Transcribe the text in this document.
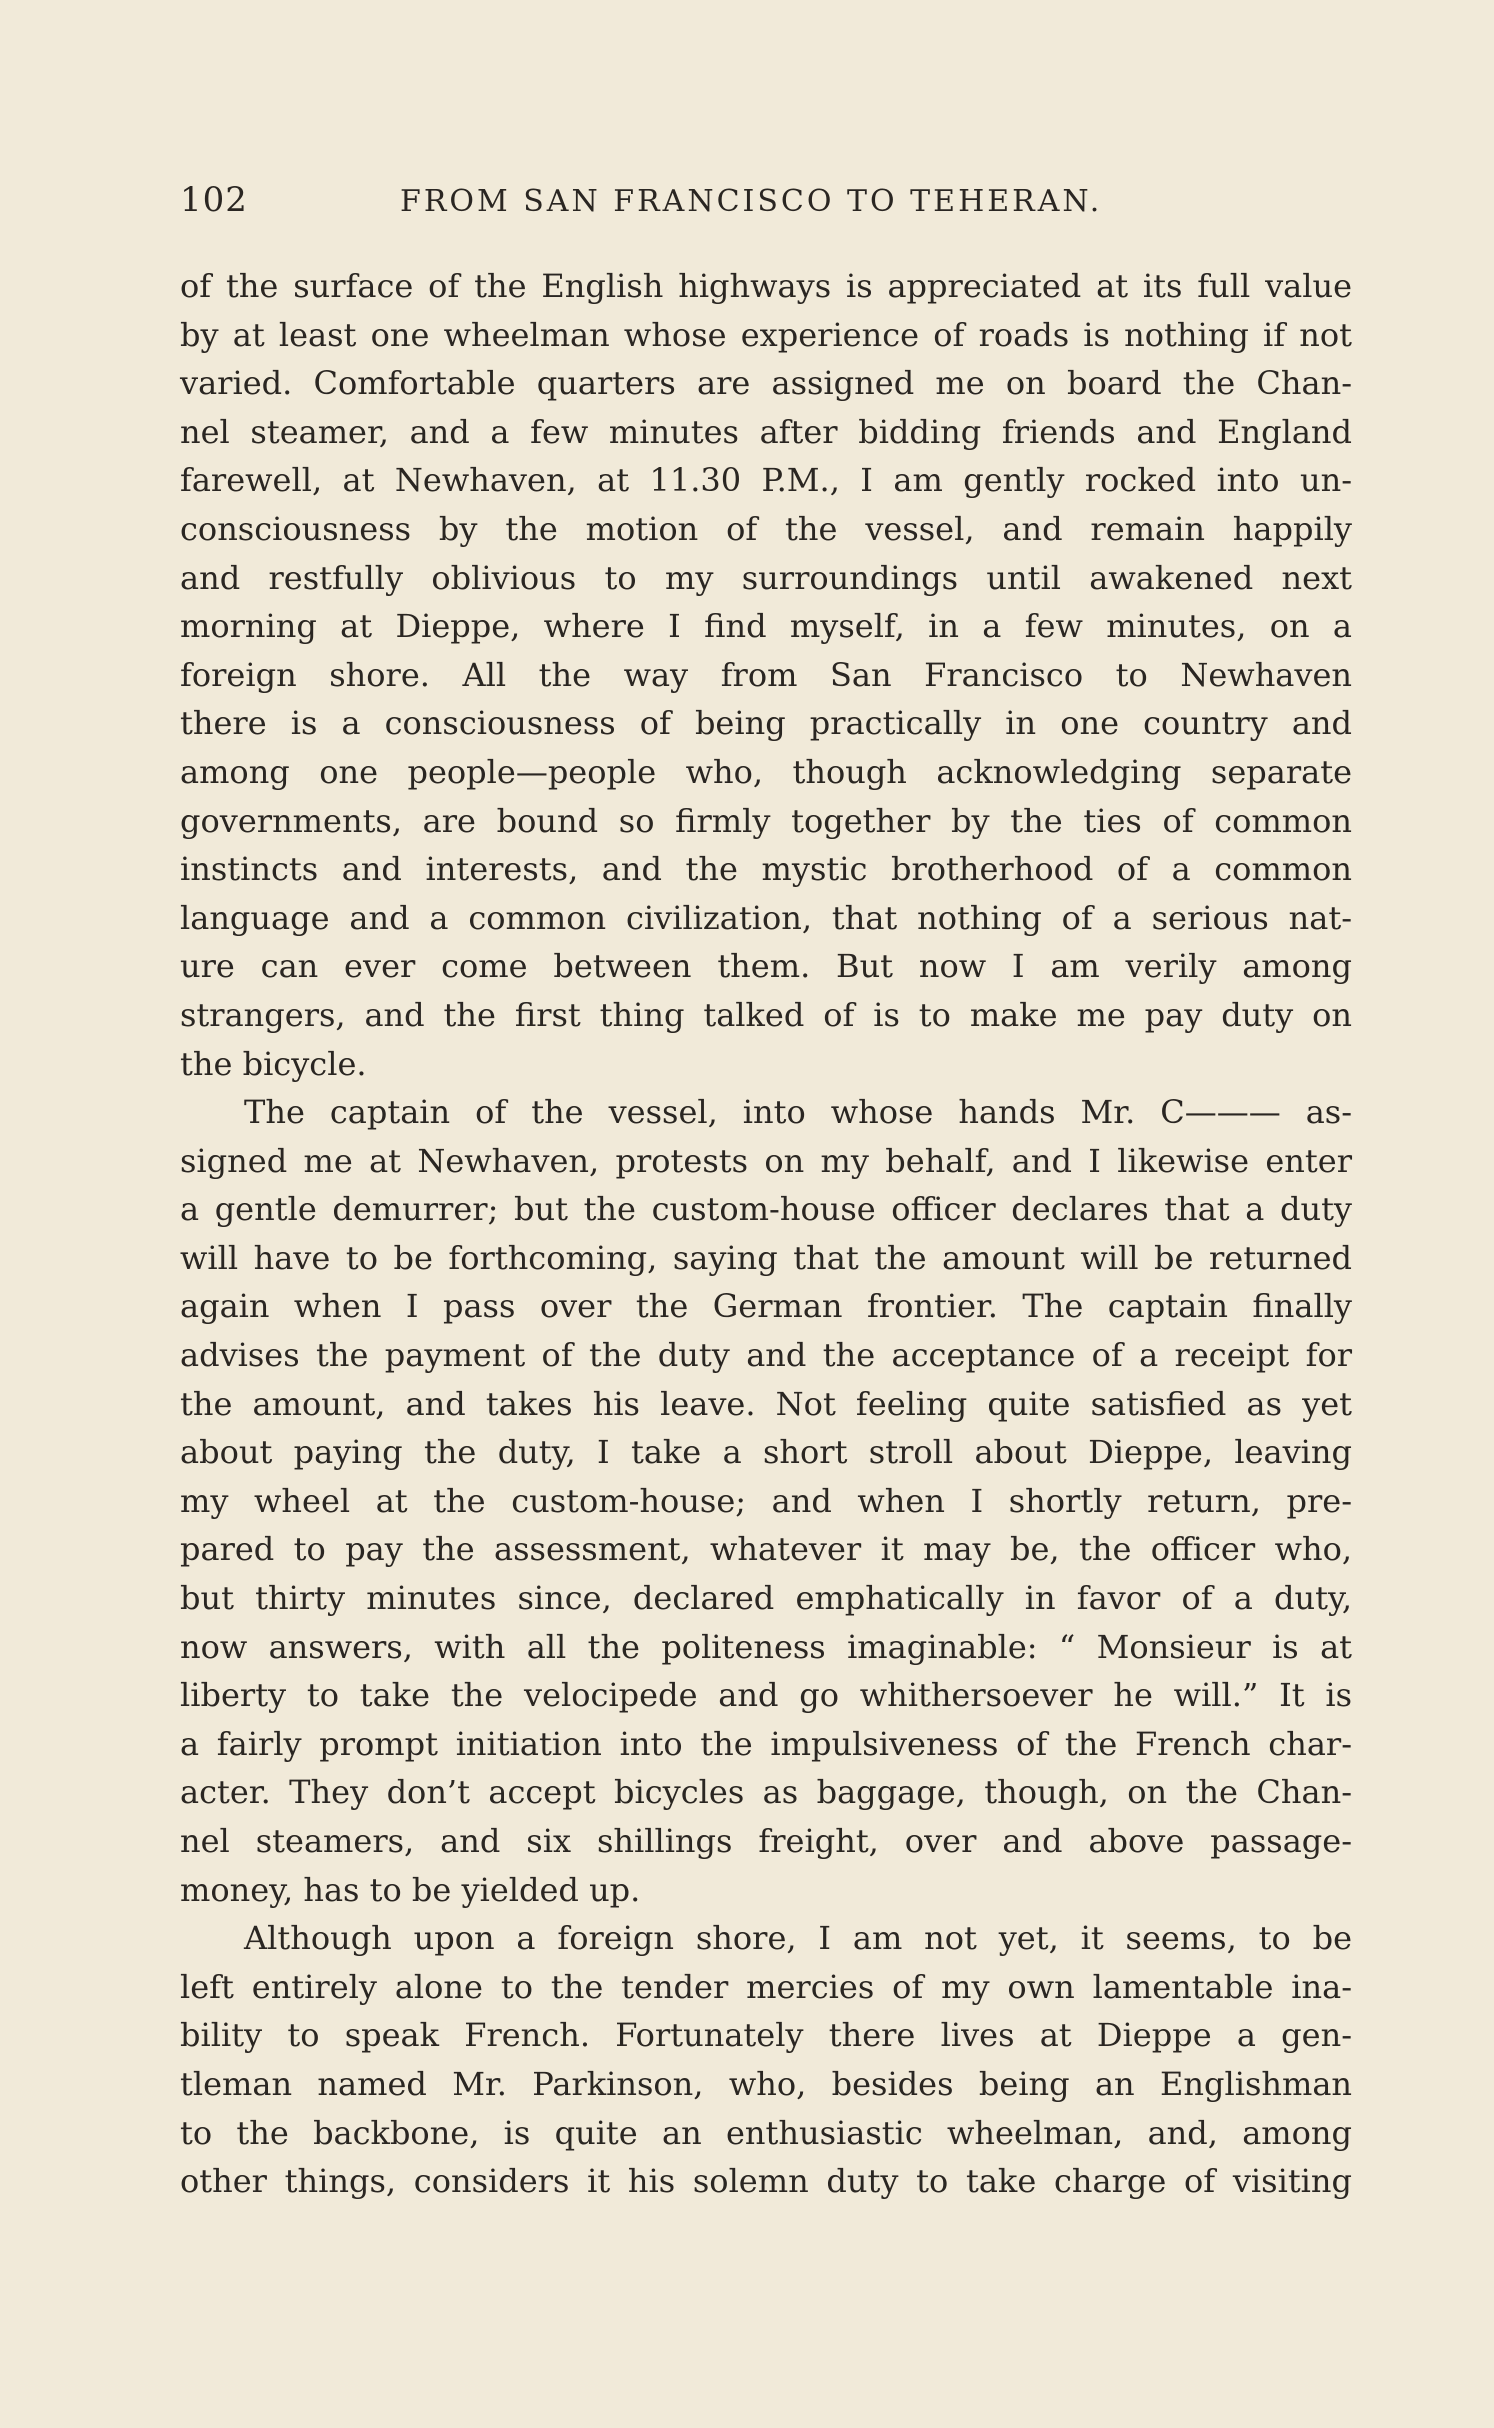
102	FROM SAN FRANCISCO TO TEHERAN.
of the surface of the English highways is appreciated at its full value
by at least one wheelman whose experience of roads is nothing if not
varied. Comfortable quarters are assigned me on board the Chan-
nel steamer, and a few minutes after bidding friends and England
farewell, at Newhaven, at 11.30 P.M., I am gently rocked into un-
consciousness by the motion of the vessel, and remain happily
and restfully oblivious to my surroundings until awakened next
morning at Dieppe, where I find myself, in a few minutes, on a
foreign shore. All the way from San Francisco to Newhaven
there is a consciousness of being practically in one country and
among one people—people who, though acknowledging separate
governments, are bound so firmly together by the ties of common
instincts and interests, and the mystic brotherhood of a common
language and a common civilization, that nothing of a serious nat-
ure can ever come between them. But now I am verily among
strangers, and the first thing talked of is to make me pay duty on
the bicycle.
The captain of the vessel, into whose hands Mr. C——— as-
signed me at Newhaven, protests on my behalf, and I likewise enter
a gentle demurrer; but the custom-house officer declares that a duty
will have to be forthcoming, saying that the amount will be returned
again when I pass over the German frontier. The captain finally
advises the payment of the duty and the acceptance of a receipt for
the amount, and takes his leave. Not feeling quite satisfied as yet
about paying the duty, I take a short stroll about Dieppe, leaving
my wheel at the custom-house; and when I shortly return, pre-
pared to pay the assessment, whatever it may be, the officer who,
but thirty minutes since, declared emphatically in favor of a duty,
now answers, with all the politeness imaginable: “ Monsieur is at
liberty to take the velocipede and go whithersoever he will.” It is
a fairly prompt initiation into the impulsiveness of the French char-
acter. They don’t accept bicycles as baggage, though, on the Chan-
nel steamers, and six shillings freight, over and above passage-
money, has to be yielded up.
Although upon a foreign shore, I am not yet, it seems, to be
left entirely alone to the tender mercies of my own lamentable ina-
bility to speak French. Fortunately there lives at Dieppe a gen-
tleman named Mr. Parkinson, who, besides being an Englishman
to the backbone, is quite an enthusiastic wheelman, and, among
other things, considers it his solemn duty to take charge of visiting
